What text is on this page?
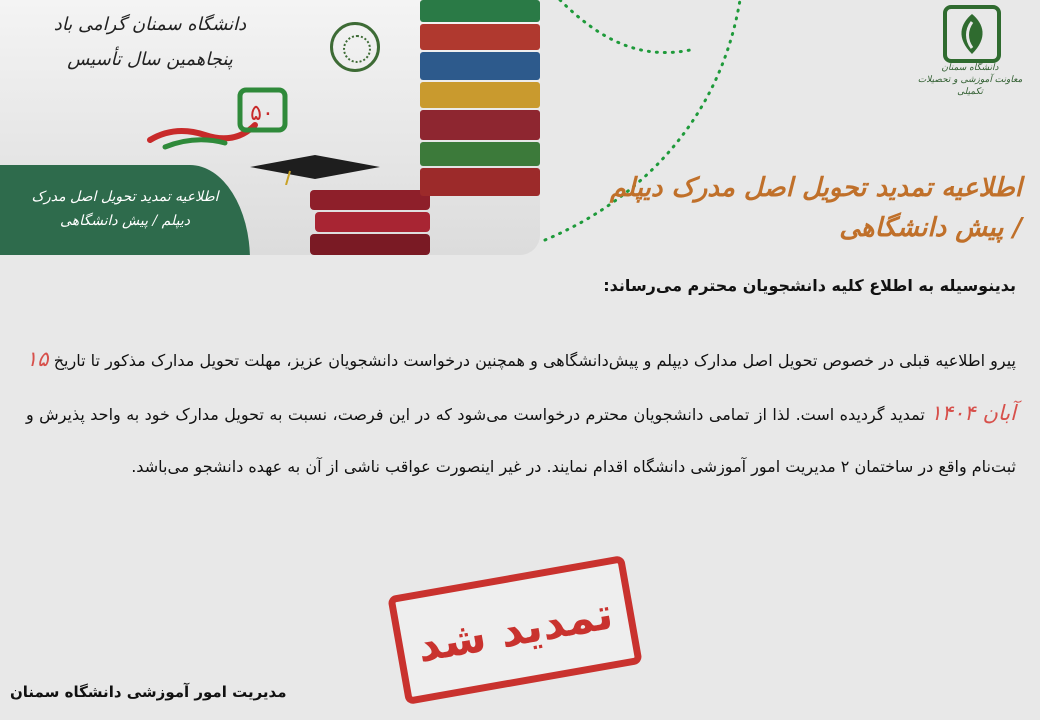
دانشگاه سمنان گرامی باد
پنجاهمین سال تأسیس
۵۰
اطلاعیه تمدید تحویل اصل مدرک
دیپلم / پیش دانشگاهی
دانشگاه سمنان
معاونت آموزشی و تحصیلات تکمیلی
اطلاعیه تمدید تحویل اصل مدرک دیپلم / پیش دانشگاهی
بدینوسیله به اطلاع کلیه دانشجویان محترم می‌رساند:
پیرو اطلاعیه قبلی در خصوص تحویل اصل مدارک دیپلم و پیش‌دانشگاهی و همچنین درخواست دانشجویان عزیز، مهلت تحویل مدارک مذکور تا تاریخ ۱۵ آبان ۱۴۰۴ تمدید گردیده است. لذا از تمامی دانشجویان محترم درخواست می‌شود که در این فرصت، نسبت به تحویل مدارک خود به واحد پذیرش و ثبت‌نام واقع در ساختمان ۲ مدیریت امور آموزشی دانشگاه اقدام نمایند. در غیر اینصورت عواقب ناشی از آن به عهده دانشجو می‌باشد.
تمدید شد
مدیریت امور آموزشی دانشگاه سمنان
